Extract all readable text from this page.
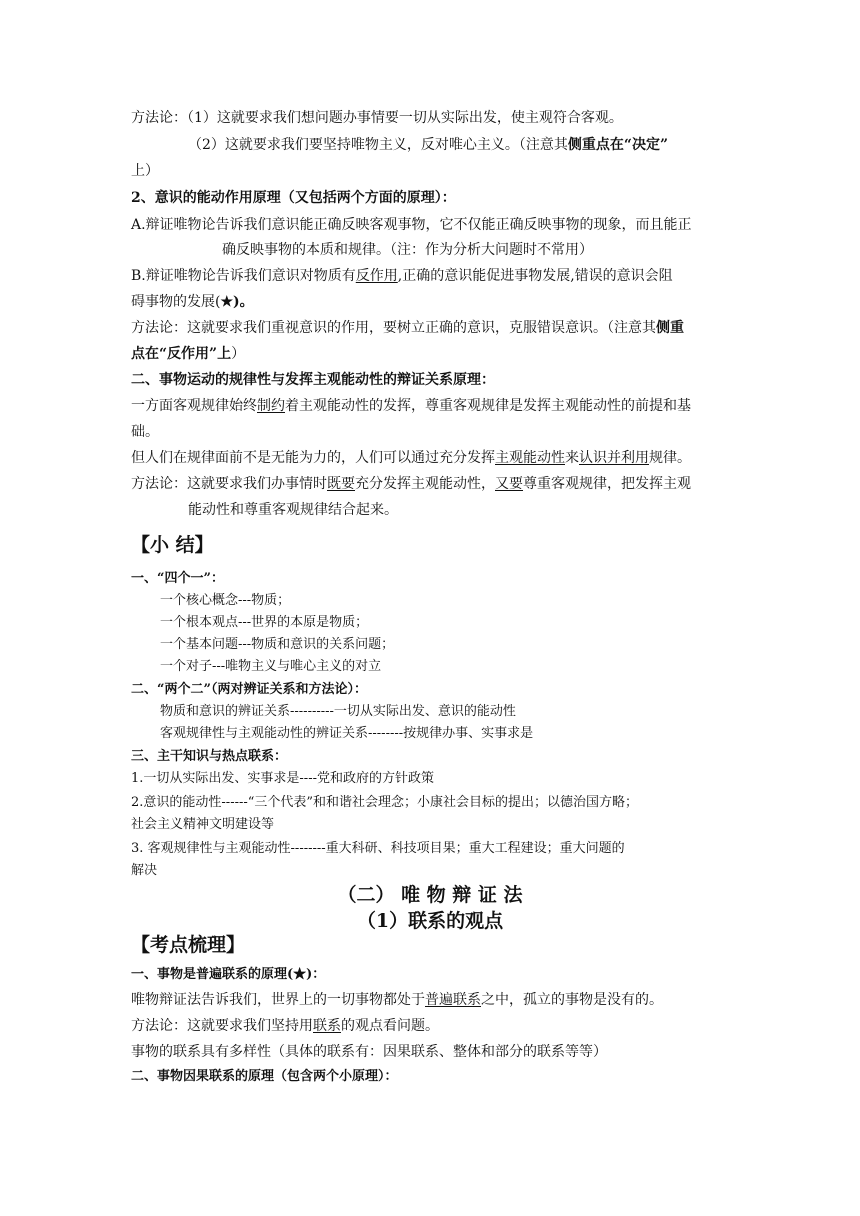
方法论：（1）这就要求我们想问题办事情要一切从实际出发，使主观符合客观。
（2）这就要求我们要坚持唯物主义，反对唯心主义。（注意其侧重点在“决定”
上）
2、意识的能动作用原理（又包括两个方面的原理）：
A.辩证唯物论告诉我们意识能正确反映客观事物，它不仅能正确反映事物的现象，而且能正
确反映事物的本质和规律。（注：作为分析大问题时不常用）
B.辩证唯物论告诉我们意识对物质有反作用,正确的意识能促进事物发展,错误的意识会阻
碍事物的发展(★)。
方法论：这就要求我们重视意识的作用，要树立正确的意识，克服错误意识。（注意其侧重
点在“反作用”上）
二、事物运动的规律性与发挥主观能动性的辩证关系原理：
一方面客观规律始终制约着主观能动性的发挥，尊重客观规律是发挥主观能动性的前提和基
础。
但人们在规律面前不是无能为力的，人们可以通过充分发挥主观能动性来认识并利用规律。
方法论：这就要求我们办事情时既要充分发挥主观能动性，又要尊重客观规律，把发挥主观
能动性和尊重客观规律结合起来。
【小 结】
一、“四个一”：
一个核心概念---物质；
一个根本观点---世界的本原是物质；
一个基本问题---物质和意识的关系问题；
一个对子---唯物主义与唯心主义的对立
二、“两个二”（两对辨证关系和方法论）：
物质和意识的辨证关系----------一切从实际出发、意识的能动性
客观规律性与主观能动性的辨证关系--------按规律办事、实事求是
三、主干知识与热点联系：
1.一切从实际出发、实事求是----党和政府的方针政策
2.意识的能动性------“三个代表”和和谐社会理念；小康社会目标的提出；以德治国方略；
社会主义精神文明建设等
3. 客观规律性与主观能动性--------重大科研、科技项目果；重大工程建设；重大问题的
解决
（二） 唯 物 辩 证 法
（1）联系的观点
【考点梳理】
一、事物是普遍联系的原理(★)：
唯物辩证法告诉我们，世界上的一切事物都处于普遍联系之中，孤立的事物是没有的。
方法论：这就要求我们坚持用联系的观点看问题。
事物的联系具有多样性（具体的联系有：因果联系、整体和部分的联系等等）
二、事物因果联系的原理（包含两个小原理）：
